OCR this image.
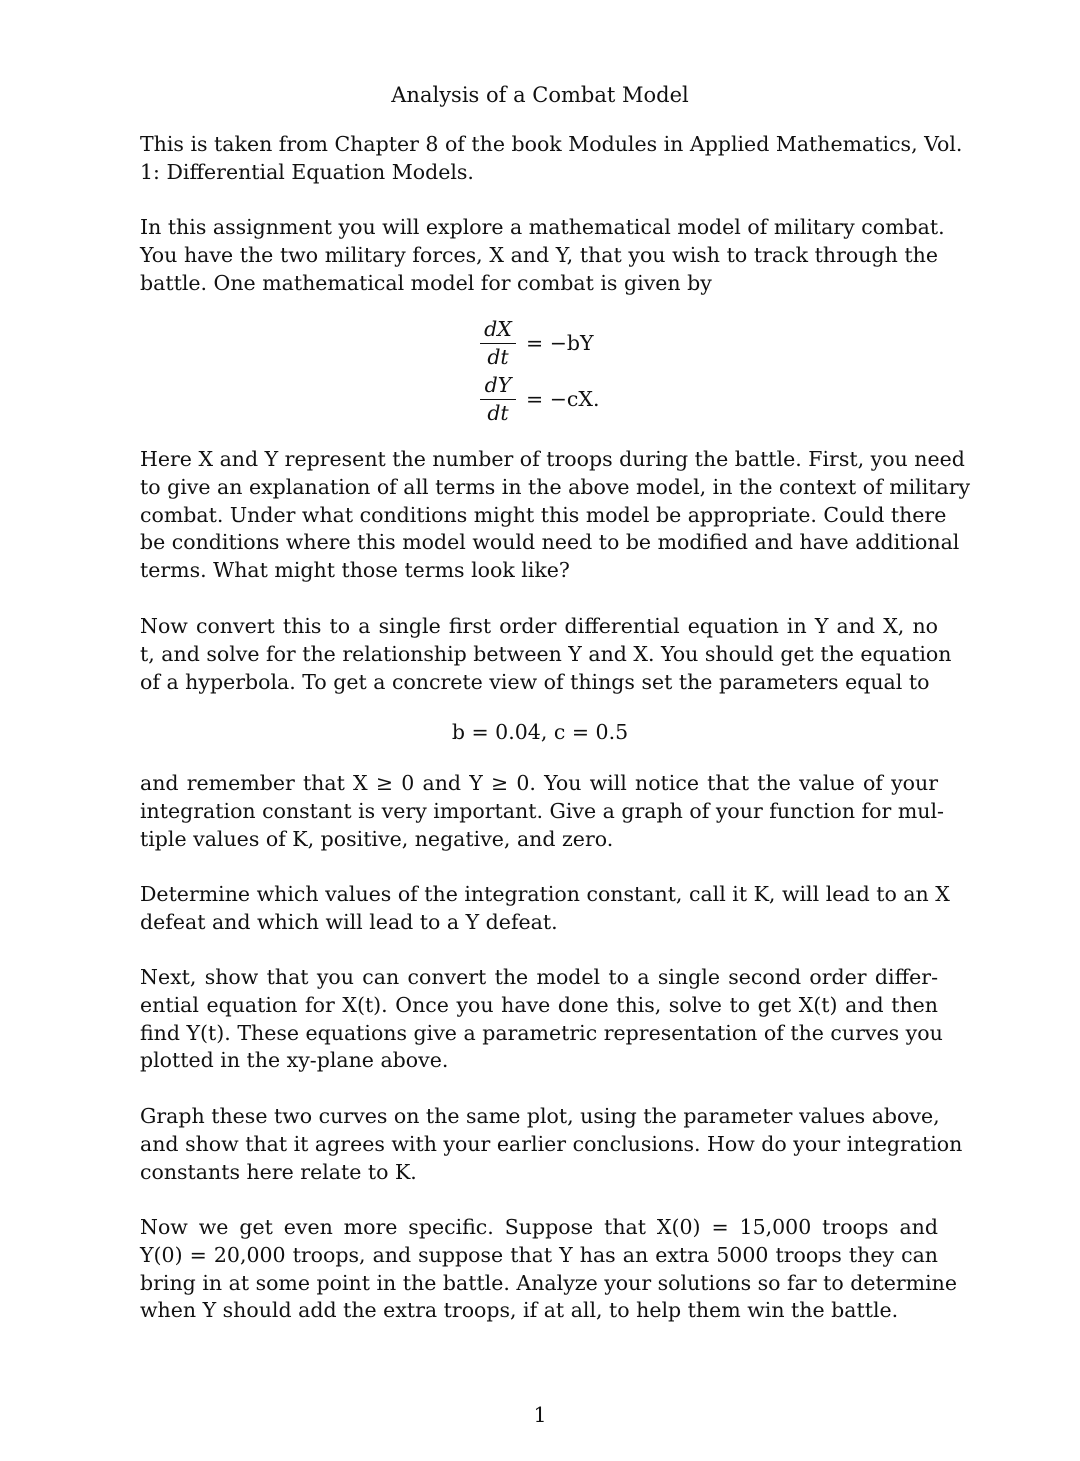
Analysis of a Combat Model

This is taken from Chapter 8 of the book Modules in Applied Mathematics, Vol.
1: Differential Equation Models.

In this assignment you will explore a mathematical model of military combat.
You have the two military forces, X and Y, that you wish to track through the
battle. One mathematical model for combat is given by

dX
dt
= −bY
dY
dt
= −cX.

Here X and Y represent the number of troops during the battle. First, you need
to give an explanation of all terms in the above model, in the context of military
combat. Under what conditions might this model be appropriate. Could there
be conditions where this model would need to be modified and have additional
terms. What might those terms look like?

Now convert this to a single first order differential equation in Y and X, no
t, and solve for the relationship between Y and X. You should get the equation
of a hyperbola. To get a concrete view of things set the parameters equal to

b = 0.04, c = 0.5

and remember that X ≥ 0 and Y ≥ 0. You will notice that the value of your
integration constant is very important. Give a graph of your function for mul-
tiple values of K, positive, negative, and zero.

Determine which values of the integration constant, call it K, will lead to an X
defeat and which will lead to a Y defeat.

Next, show that you can convert the model to a single second order differ-
ential equation for X(t). Once you have done this, solve to get X(t) and then
find Y(t). These equations give a parametric representation of the curves you
plotted in the xy-plane above.

Graph these two curves on the same plot, using the parameter values above,
and show that it agrees with your earlier conclusions. How do your integration
constants here relate to K.

Now we get even more specific. Suppose that X(0) = 15,000 troops and
Y(0) = 20,000 troops, and suppose that Y has an extra 5000 troops they can
bring in at some point in the battle. Analyze your solutions so far to determine
when Y should add the extra troops, if at all, to help them win the battle.

1
